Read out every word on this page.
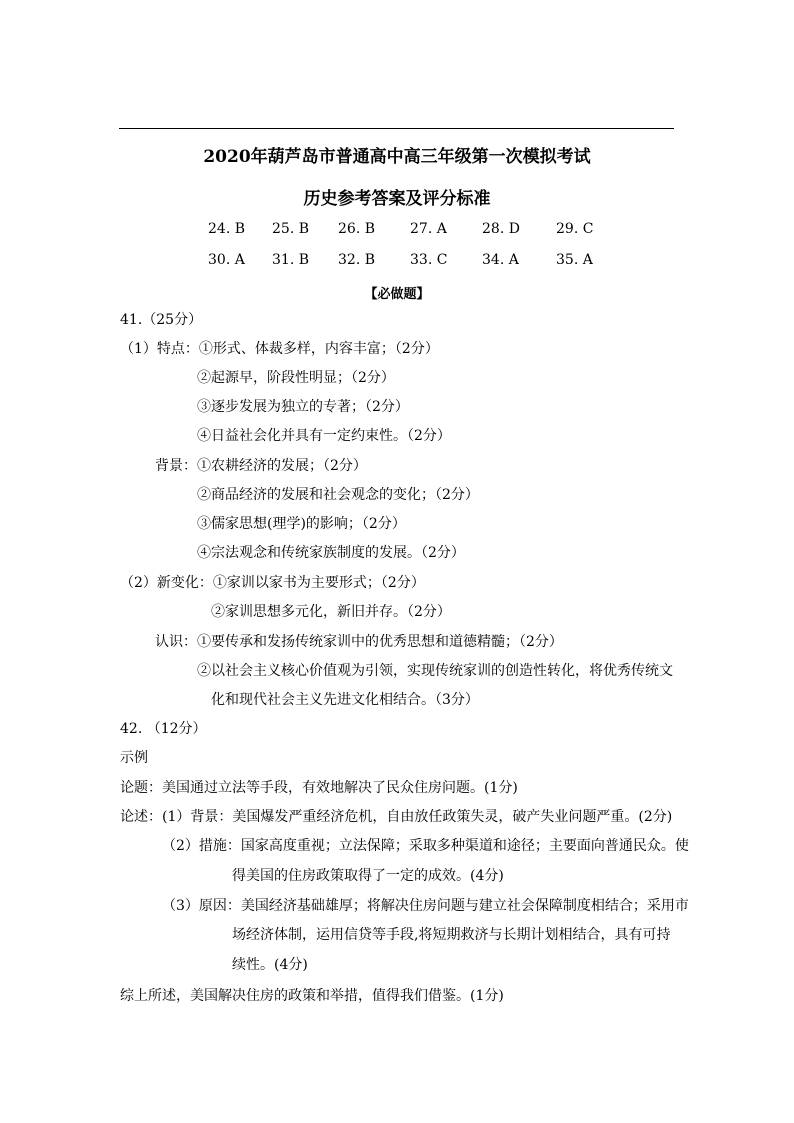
2020年葫芦岛市普通高中高三年级第一次模拟考试
历史参考答案及评分标准
24. B 25. B 26. B 27. A	28. D	29. C
30. A 31. B 32. B 33. C 34. A	35. A
【必做题】
41.（25分）
（1）特点：①形式、体裁多样，内容丰富；（2分）
②起源早，阶段性明显；（2分）
③逐步发展为独立的专著；（2分）
④日益社会化并具有一定约束性。（2分）
背景：①农耕经济的发展；（2分）
②商品经济的发展和社会观念的变化；（2分）
③儒家思想(理学)的影响；（2分）
④宗法观念和传统家族制度的发展。（2分）
（2）新变化：①家训以家书为主要形式；（2分）
②家训思想多元化，新旧并存。（2分）
认识：①要传承和发扬传统家训中的优秀思想和道德精髓；（2分）
②以社会主义核心价值观为引领，实现传统家训的创造性转化，将优秀传统文
化和现代社会主义先进文化相结合。（3分）
42. （12分）
示例
论题：美国通过立法等手段，有效地解决了民众住房问题。(1分)
论述：(1）背景：美国爆发严重经济危机，自由放任政策失灵，破产失业问题严重。(2分)
（2）措施：国家高度重视；立法保障；采取多种渠道和途径；主要面向普通民众。使
得美国的住房政策取得了一定的成效。(4分)
（3）原因：美国经济基础雄厚；将解决住房问题与建立社会保障制度相结合；采用市
场经济体制，运用信贷等手段,将短期救济与长期计划相结合，具有可持
续性。(4分)
综上所述，美国解决住房的政策和举措，值得我们借鉴。(1分)
